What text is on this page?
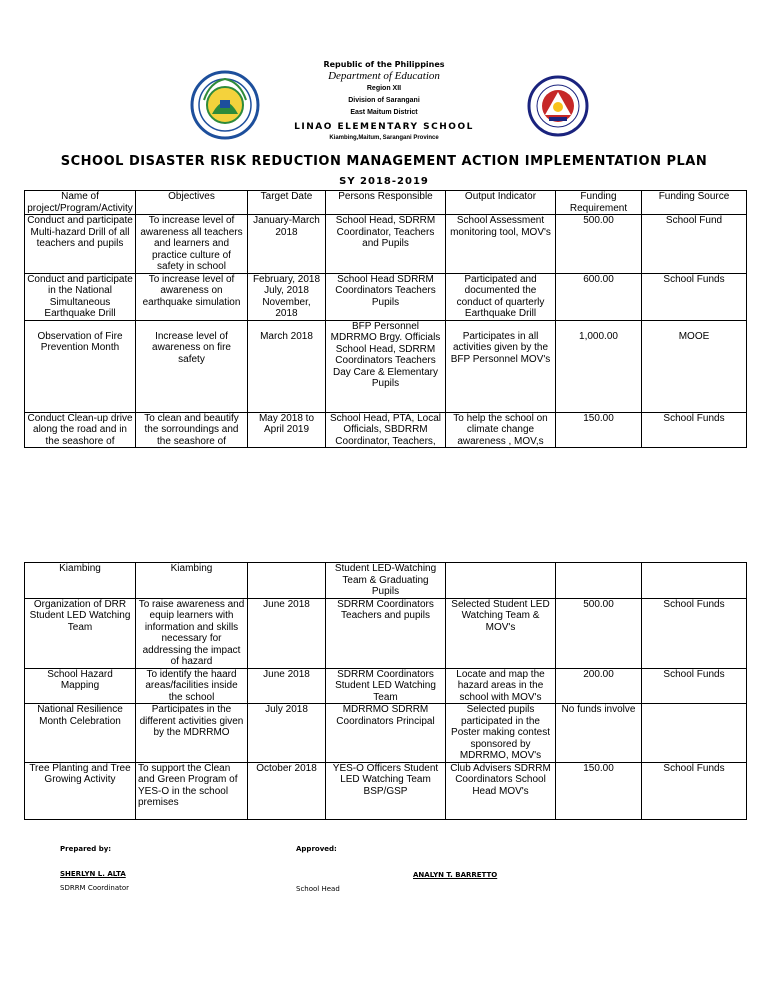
Republic of the Philippines
Department of Education
Region XII
Division of Sarangani
East Maitum District
LINAO ELEMENTARY SCHOOL
Kiambing,Maitum, Sarangani Province
SCHOOL DISASTER RISK REDUCTION MANAGEMENT ACTION IMPLEMENTATION PLAN
SY 2018-2019
Name of project/Program/Activity	Objectives	Target Date	Persons Responsible	Output Indicator	Funding Requirement	Funding Source
Conduct and participate Multi-hazard Drill of all teachers and pupils	To increase level of awareness all teachers and learners and practice culture of safety in school	January-March 2018	School Head, SDRRM Coordinator, Teachers and Pupils	School Assessment monitoring tool, MOV's	500.00	School Fund
Conduct and participate in the National Simultaneous Earthquake Drill	To increase level of awareness on earthquake simulation	February, 2018 July, 2018 November, 2018	School Head SDRRM Coordinators Teachers Pupils	Participated and documented the conduct of quarterly Earthquake Drill	600.00	School Funds
Observation of Fire Prevention Month	Increase level of awareness on fire safety	March 2018	BFP Personnel MDRRMO Brgy. Officials School Head, SDRRM Coordinators Teachers Day Care & Elementary Pupils	Participates in all activities given by the BFP Personnel MOV's	1,000.00	MOOE
Conduct Clean-up drive along the road and in the seashore of	To clean and beautify the sorroundings and the seashore of	May 2018 to April 2019	School Head, PTA, Local Officials, SBDRRM Coordinator, Teachers,	To help the school on climate change awareness , MOV,s	150.00	School Funds
Kiambing	Kiambing		Student LED-Watching Team & Graduating Pupils			
Organization of DRR Student LED Watching Team	To raise awareness and equip learners with information and skills necessary for addressing the impact of hazard	June 2018	SDRRM Coordinators Teachers and pupils	Selected Student LED Watching Team & MOV's	500.00	School Funds
School Hazard Mapping	To identify the haard areas/facilities inside the school	June 2018	SDRRM Coordinators Student LED Watching Team	Locate and map the hazard areas in the school with MOV's	200.00	School Funds
National Resilience Month Celebration	Participates in the different activities given by the MDRRMO	July 2018	MDRRMO SDRRM Coordinators Principal	Selected pupils participated in the Poster making contest sponsored by MDRRMO, MOV's	No funds involve	
Tree Planting and Tree Growing Activity	To support the Clean and Green Program of YES-O in the school premises	October 2018	YES-O Officers Student LED Watching Team BSP/GSP	Club Advisers SDRRM Coordinators School Head MOV's	150.00	School Funds
Prepared by:	Approved:
SHERLYN L. ALTA
SDRRM Coordinator
ANALYN T. BARRETTO
School Head
